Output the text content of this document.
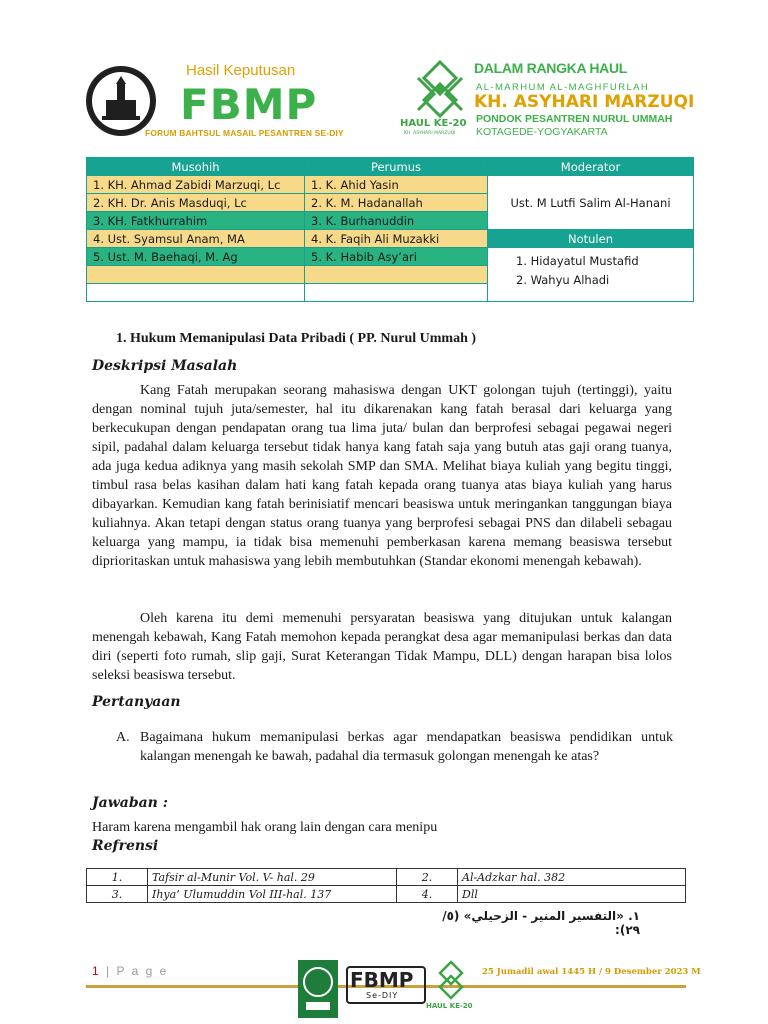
Hasil Keputusan
FBMP
FORUM BAHTSUL MASAIL PESANTREN SE-DIY
HAUL KE-20
KH. ASYHARI MARZUQI
DALAM RANGKA HAUL
AL-MARHUM AL-MAGHFURLAH
KH. ASYHARI MARZUQI
PONDOK PESANTREN NURUL UMMAH
KOTAGEDE-YOGYAKARTA
Musohih	Perumus	Moderator
1. KH. Ahmad Zabidi Marzuqi, Lc	1. K. Ahid Yasin	Ust. M Lutfi Salim Al-Hanani
2. KH. Dr. Anis Masduqi, Lc	2. K. M. Hadanallah	
3. KH. Fatkhurrahim	3. K. Burhanuddin	
4. Ust. Syamsul Anam, MA	4. K. Faqih Ali Muzakki	Notulen
5. Ust. M. Baehaqi, M. Ag	5. K. Habib Asy’ari	1. Hidayatul Mustafid
2. Wahyu Alhadi

1. Hukum Memanipulasi Data Pribadi ( PP. Nurul Ummah )
Deskripsi Masalah
Kang Fatah merupakan seorang mahasiswa dengan UKT golongan tujuh (tertinggi), yaitu dengan nominal tujuh juta/semester, hal itu dikarenakan kang fatah berasal dari keluarga yang berkecukupan dengan pendapatan orang tua lima juta/ bulan dan berprofesi sebagai pegawai negeri sipil, padahal dalam keluarga tersebut tidak hanya kang fatah saja yang butuh atas gaji orang tuanya, ada juga kedua adiknya yang masih sekolah SMP dan SMA. Melihat biaya kuliah yang begitu tinggi, timbul rasa belas kasihan dalam hati kang fatah kepada orang tuanya atas biaya kuliah yang harus dibayarkan. Kemudian kang fatah berinisiatif mencari beasiswa untuk meringankan tanggungan biaya kuliahnya. Akan tetapi dengan status orang tuanya yang berprofesi sebagai PNS dan dilabeli sebagau keluarga yang mampu, ia tidak bisa memenuhi pemberkasan karena memang beasiswa tersebut diprioritaskan untuk mahasiswa yang lebih membutuhkan (Standar ekonomi menengah kebawah).
Oleh karena itu demi memenuhi persyaratan beasiswa yang ditujukan untuk kalangan menengah kebawah, Kang Fatah memohon kepada perangkat desa agar memanipulasi berkas dan data diri (seperti foto rumah, slip gaji, Surat Keterangan Tidak Mampu, DLL) dengan harapan bisa lolos seleksi beasiswa tersebut.
Pertanyaan
A. Bagaimana hukum memanipulasi berkas agar mendapatkan beasiswa pendidikan untuk kalangan menengah ke bawah, padahal dia termasuk golongan menengah ke atas?
Jawaban :
Haram karena mengambil hak orang lain dengan cara menipu
Refrensi
1.	Tafsir al-Munir Vol. V- hal. 29	2.	Al-Adzkar hal. 382
3.	Ihya’ Ulumuddin Vol III-hal. 137	4.	Dll
١. «التفسير المنير - الزحيلي» (٥/ ٢٩):
1 | P a g e	FBMP
Se-DIY
HAUL KE-20
25 Jumadil awal 1445 H / 9 Desember 2023 M
